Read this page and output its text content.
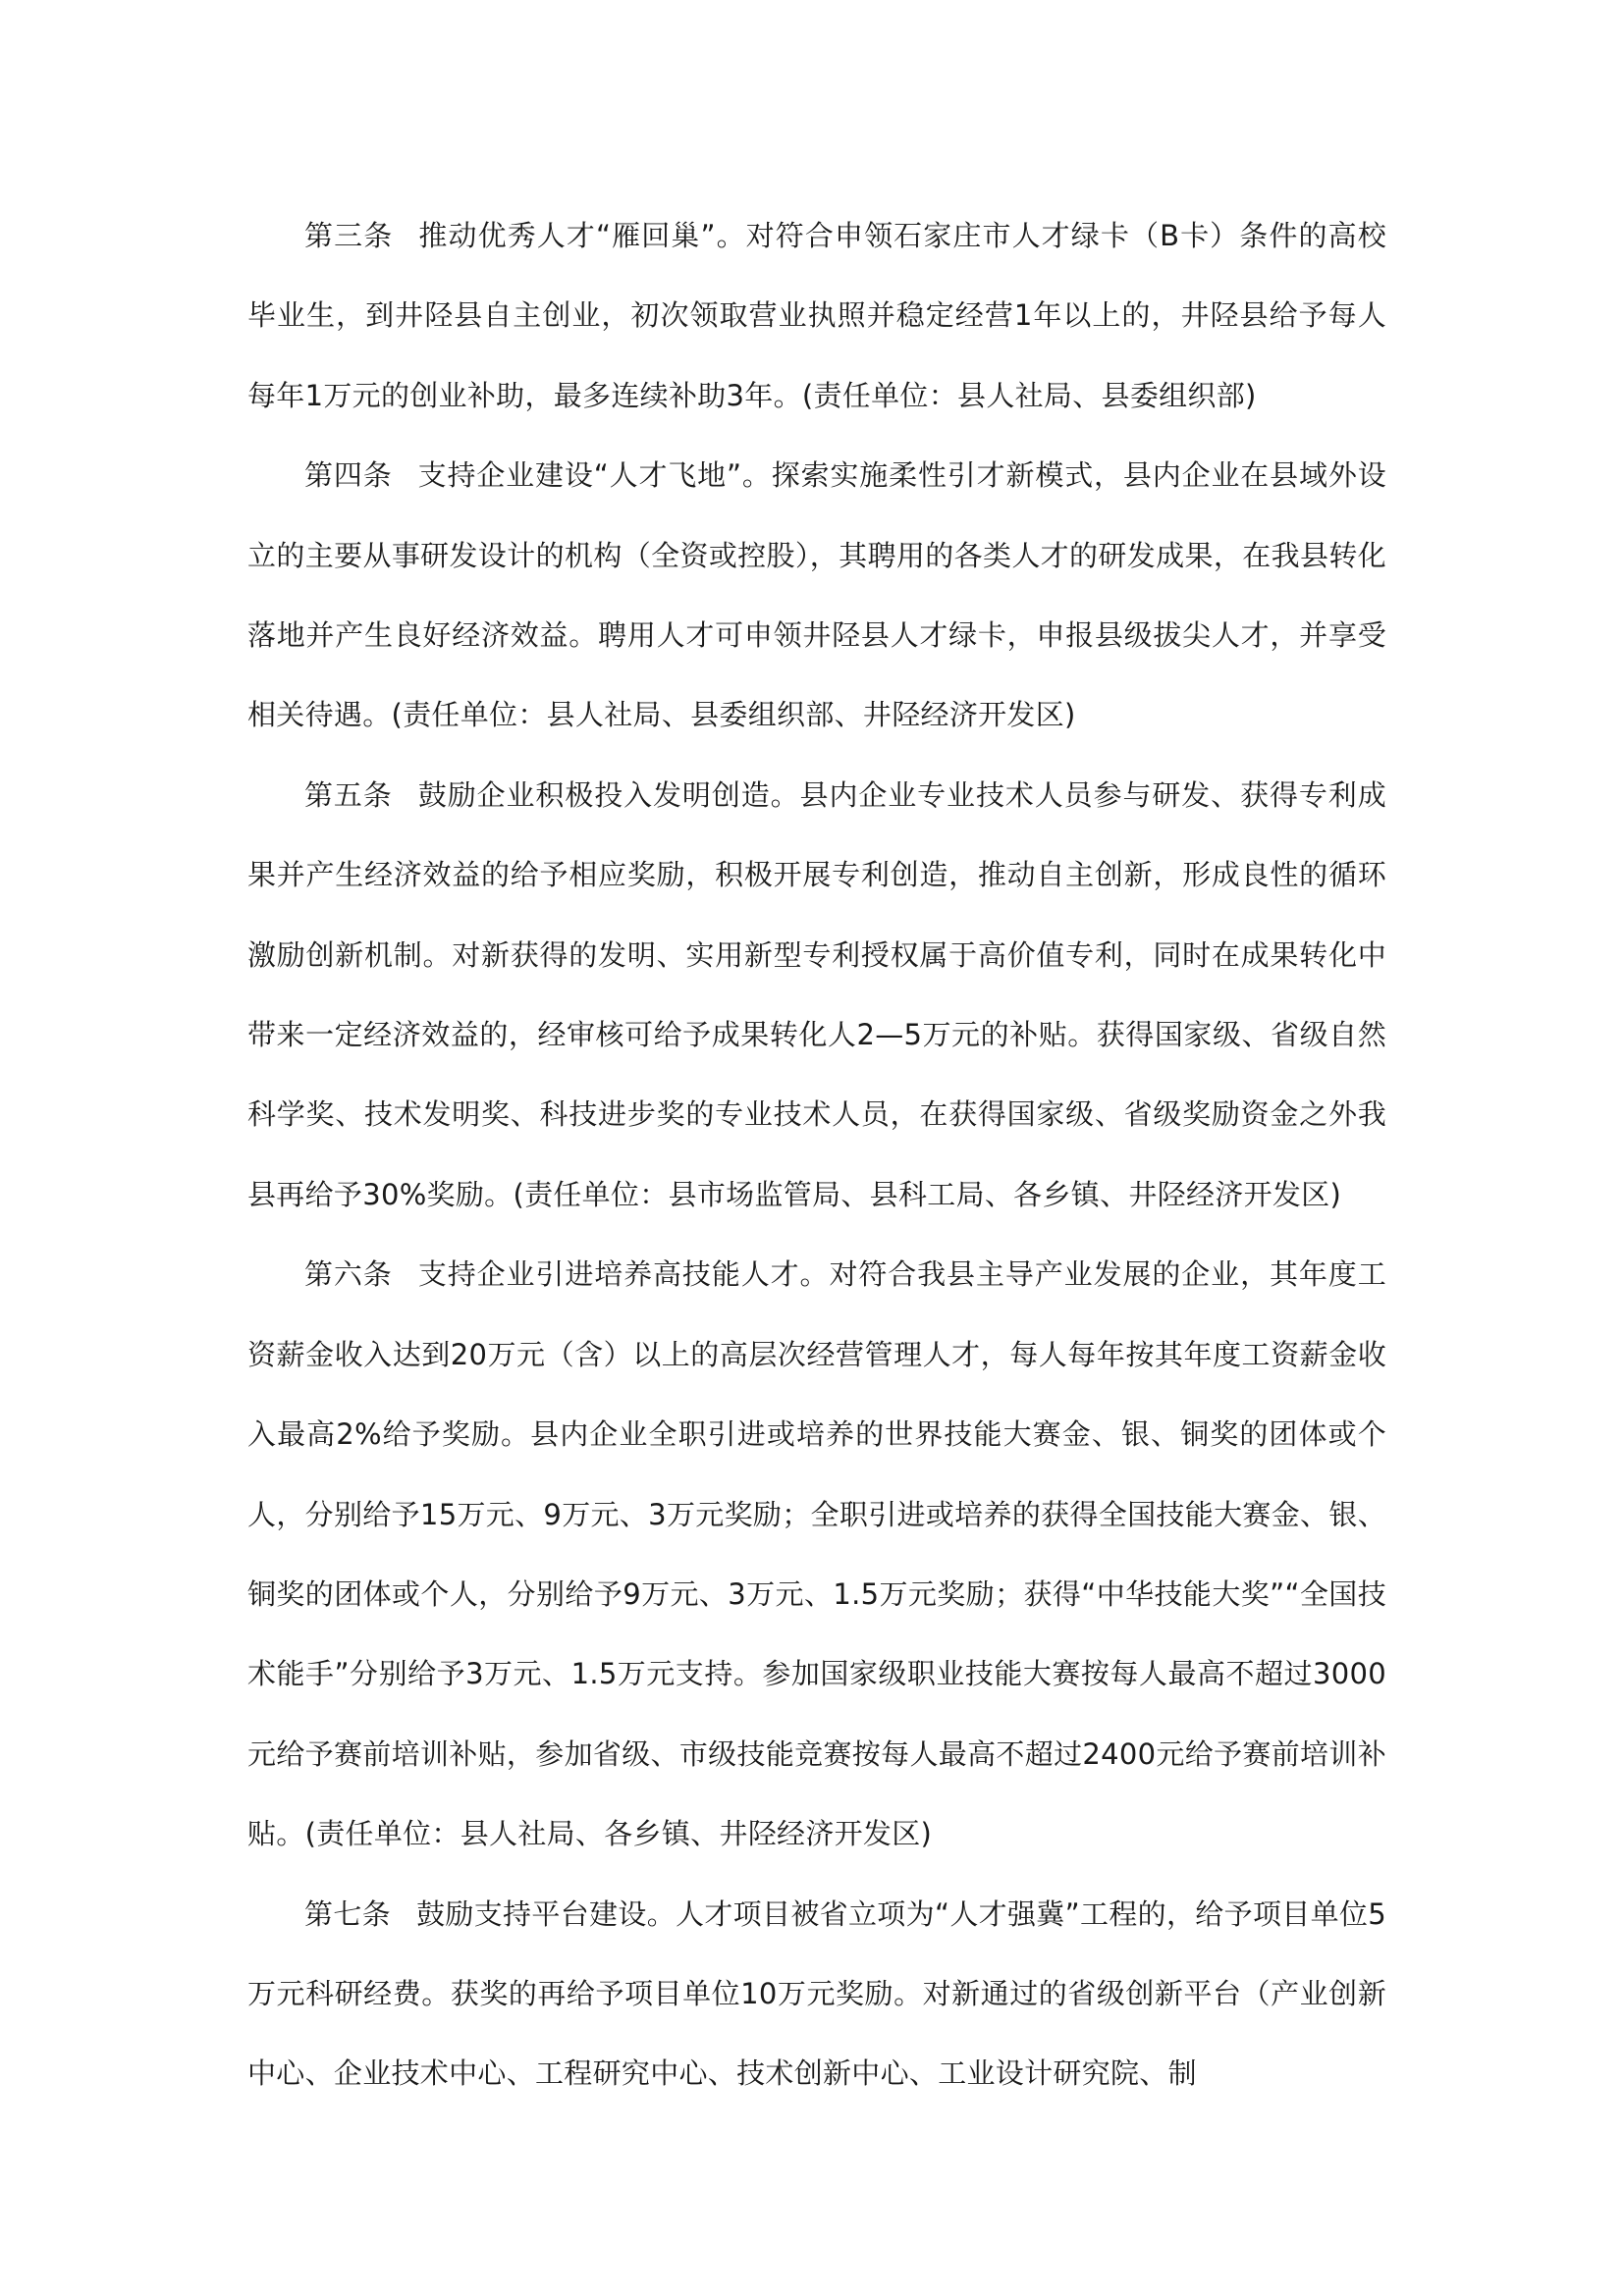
第三条 推动优秀人才“雁回巢”。对符合申领石家庄市人才绿卡（B卡）条件的高校毕业生，到井陉县自主创业，初次领取营业执照并稳定经营1年以上的，井陉县给予每人每年1万元的创业补助，最多连续补助3年。(责任单位：县人社局、县委组织部)

第四条 支持企业建设“人才飞地”。探索实施柔性引才新模式，县内企业在县域外设立的主要从事研发设计的机构（全资或控股），其聘用的各类人才的研发成果，在我县转化落地并产生良好经济效益。聘用人才可申领井陉县人才绿卡，申报县级拔尖人才，并享受相关待遇。(责任单位：县人社局、县委组织部、井陉经济开发区)

第五条 鼓励企业积极投入发明创造。县内企业专业技术人员参与研发、获得专利成果并产生经济效益的给予相应奖励，积极开展专利创造，推动自主创新，形成良性的循环激励创新机制。对新获得的发明、实用新型专利授权属于高价值专利，同时在成果转化中带来一定经济效益的，经审核可给予成果转化人2—5万元的补贴。获得国家级、省级自然科学奖、技术发明奖、科技进步奖的专业技术人员，在获得国家级、省级奖励资金之外我县再给予30%奖励。(责任单位：县市场监管局、县科工局、各乡镇、井陉经济开发区)

第六条 支持企业引进培养高技能人才。对符合我县主导产业发展的企业，其年度工资薪金收入达到20万元（含）以上的高层次经营管理人才，每人每年按其年度工资薪金收入最高2%给予奖励。县内企业全职引进或培养的世界技能大赛金、银、铜奖的团体或个人，分别给予15万元、9万元、3万元奖励；全职引进或培养的获得全国技能大赛金、银、铜奖的团体或个人，分别给予9万元、3万元、1.5万元奖励；获得“中华技能大奖”“全国技术能手”分别给予3万元、1.5万元支持。参加国家级职业技能大赛按每人最高不超过3000元给予赛前培训补贴，参加省级、市级技能竞赛按每人最高不超过2400元给予赛前培训补贴。(责任单位：县人社局、各乡镇、井陉经济开发区)

第七条 鼓励支持平台建设。人才项目被省立项为“人才强冀”工程的，给予项目单位5万元科研经费。获奖的再给予项目单位10万元奖励。对新通过的省级创新平台（产业创新中心、企业技术中心、工程研究中心、技术创新中心、工业设计研究院、制
